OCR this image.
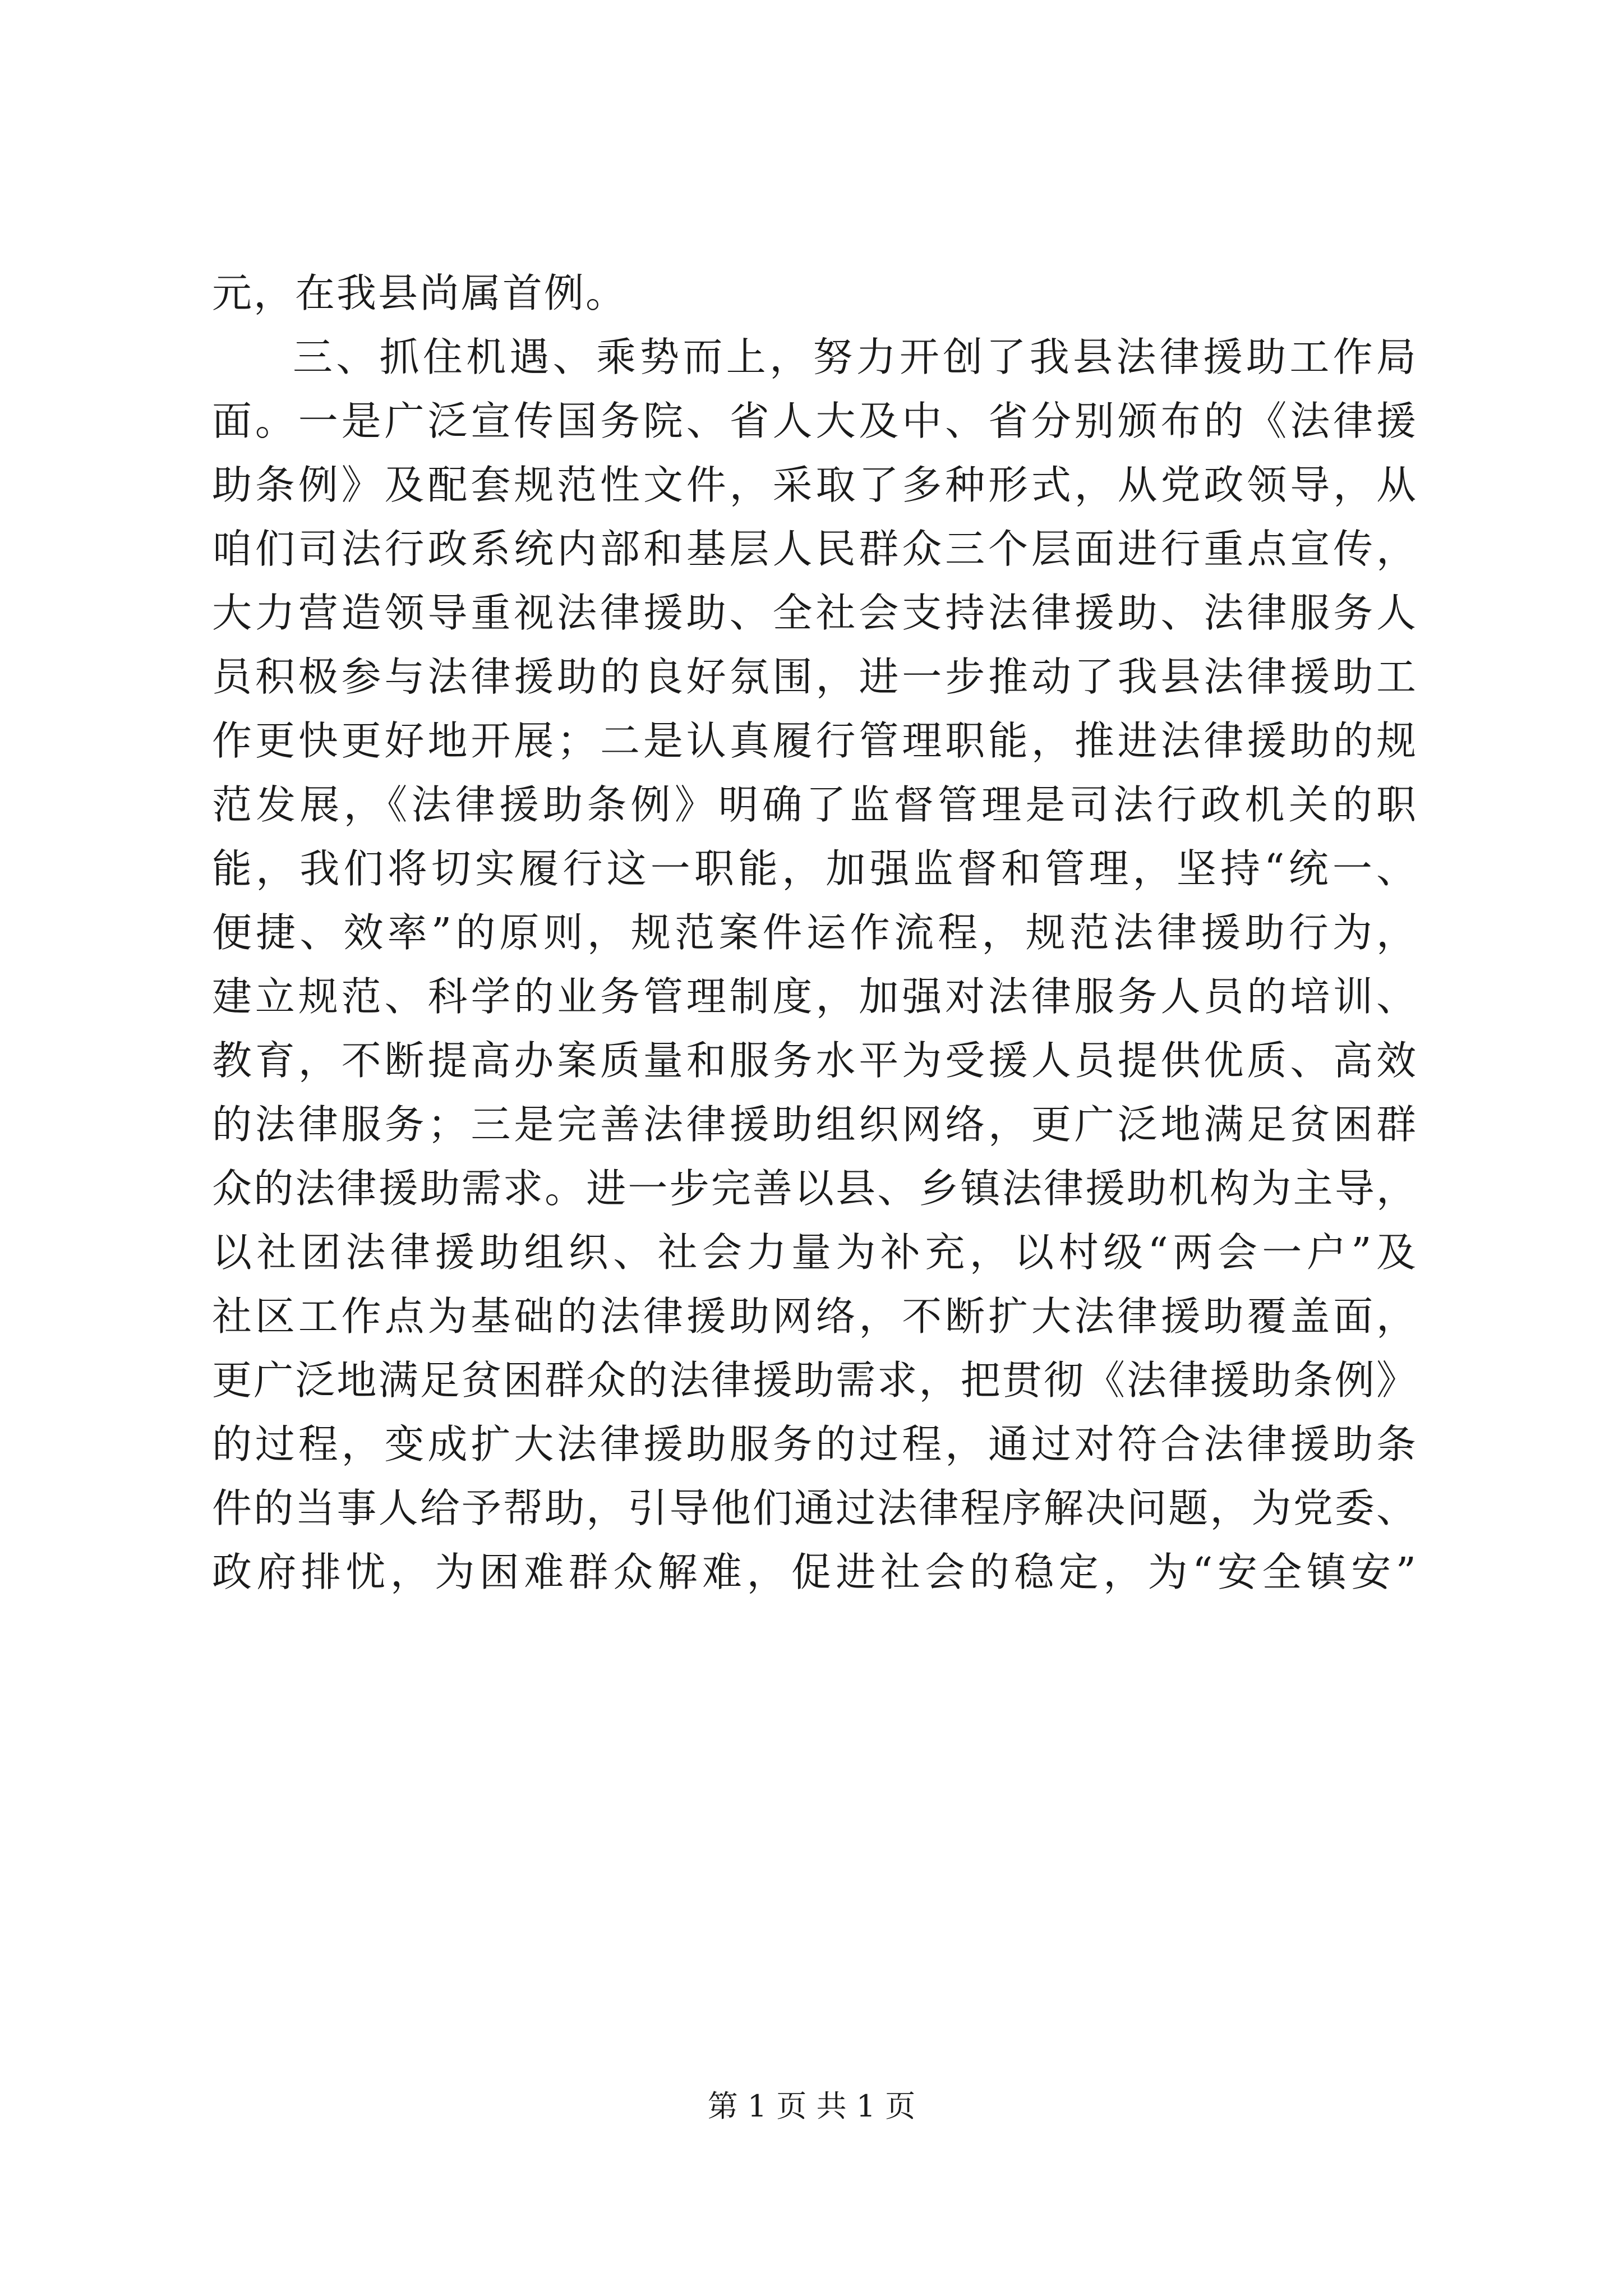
元，在我县尚属首例。
三、抓住机遇、乘势而上，努力开创了我县法律援助工作局
面。一是广泛宣传国务院、省人大及中、省分别颁布的《法律援
助条例》及配套规范性文件，采取了多种形式，从党政领导，从
咱们司法行政系统内部和基层人民群众三个层面进行重点宣传，
大力营造领导重视法律援助、全社会支持法律援助、法律服务人
员积极参与法律援助的良好氛围，进一步推动了我县法律援助工
作更快更好地开展；二是认真履行管理职能，推进法律援助的规
范发展，《法律援助条例》明确了监督管理是司法行政机关的职
能，我们将切实履行这一职能，加强监督和管理，坚持“统一、
便捷、效率”的原则，规范案件运作流程，规范法律援助行为，
建立规范、科学的业务管理制度，加强对法律服务人员的培训、
教育，不断提高办案质量和服务水平为受援人员提供优质、高效
的法律服务；三是完善法律援助组织网络，更广泛地满足贫困群
众的法律援助需求。进一步完善以县、乡镇法律援助机构为主导，
以社团法律援助组织、社会力量为补充，以村级“两会一户”及
社区工作点为基础的法律援助网络，不断扩大法律援助覆盖面，
更广泛地满足贫困群众的法律援助需求，把贯彻《法律援助条例》
的过程，变成扩大法律援助服务的过程，通过对符合法律援助条
件的当事人给予帮助，引导他们通过法律程序解决问题，为党委、
政府排忧，为困难群众解难，促进社会的稳定，为“安全镇安”
第 1 页 共 1 页
